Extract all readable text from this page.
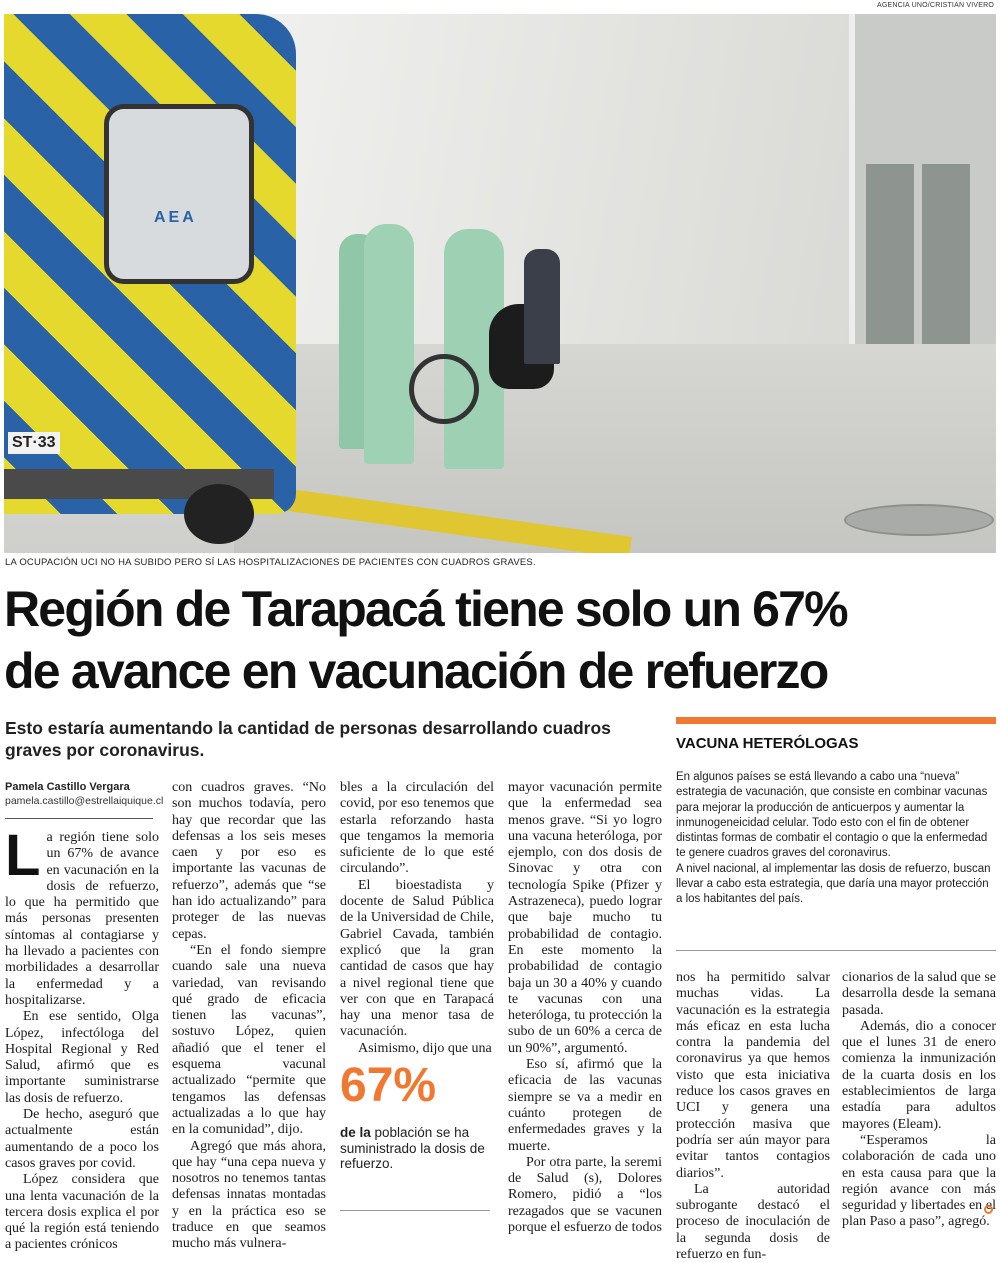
AGENCIA UNO/CRISTIAN VIVERO
AEA
ST·33
LA OCUPACIÓN UCI NO HA SUBIDO PERO SÍ LAS HOSPITALIZACIONES DE PACIENTES CON CUADROS GRAVES.
Región de Tarapacá tiene solo un 67%
de avance en vacunación de refuerzo
Esto estaría aumentando la cantidad de personas desarrollando cuadros graves por coronavirus.
Pamela Castillo Vergara
pamela.castillo@estrellaiquique.cl

La región tiene solo un 67% de avance en vacunación en la dosis de refuerzo, lo que ha permitido que más personas presenten síntomas al contagiarse y ha llevado a pacientes con morbilidades a desarrollar la enfermedad y a hospitalizarse.

En ese sentido, Olga López, infectóloga del Hospital Regional y Red Salud, afirmó que es importante suministrarse las dosis de refuerzo.

De hecho, aseguró que actualmente están aumentando de a poco los casos graves por covid.

López considera que una lenta vacunación de la tercera dosis explica el por qué la región está teniendo a pacientes crónicos

con cuadros graves. “No son muchos todavía, pero hay que recordar que las defensas a los seis meses caen y por eso es importante las vacunas de refuerzo”, además que “se han ido actualizando” para proteger de las nuevas cepas.

“En el fondo siempre cuando sale una nueva variedad, van revisando qué grado de eficacia tienen las vacunas”, sostuvo López, quien añadió que el tener el esquema vacunal actualizado “permite que tengamos las defensas actualizadas a lo que hay en la comunidad”, dijo.

Agregó que más ahora, que hay “una cepa nueva y nosotros no tenemos tantas defensas innatas montadas y en la práctica eso se traduce en que seamos mucho más vulnera-

bles a la circulación del covid, por eso tenemos que estarla reforzando hasta que tengamos la memoria suficiente de lo que esté circulando”.

El bioestadista y docente de Salud Pública de la Universidad de Chile, Gabriel Cavada, también explicó que la gran cantidad de casos que hay a nivel regional tiene que ver con que en Tarapacá hay una menor tasa de vacunación.

Asimismo, dijo que una

67%
de la población se ha suministrado la dosis de refuerzo.

mayor vacunación permite que la enfermedad sea menos grave. “Si yo logro una vacuna heteróloga, por ejemplo, con dos dosis de Sinovac y otra con tecnología Spike (Pfizer y Astrazeneca), puedo lograr que baje mucho tu probabilidad de contagio. En este momento la probabilidad de contagio baja un 30 a 40% y cuando te vacunas con una heteróloga, tu protección la subo de un 60% a cerca de un 90%”, argumentó.

Eso sí, afirmó que la eficacia de las vacunas siempre se va a medir en cuánto protegen de enfermedades graves y la muerte.

Por otra parte, la seremi de Salud (s), Dolores Romero, pidió a “los rezagados que se vacunen porque el esfuerzo de todos

VACUNA HETERÓLOGAS

En algunos países se está llevando a cabo una “nueva” estrategia de vacunación, que consiste en combinar vacunas para mejorar la producción de anticuerpos y aumentar la inmunogeneicidad celular. Todo esto con el fin de obtener distintas formas de combatir el contagio o que la enfermedad te genere cuadros graves del coronavirus.

A nivel nacional, al implementar las dosis de refuerzo, buscan llevar a cabo esta estrategia, que daría una mayor protección a los habitantes del país.

nos ha permitido salvar muchas vidas. La vacunación es la estrategia más eficaz en esta lucha contra la pandemia del coronavirus ya que hemos visto que esta iniciativa reduce los casos graves en UCI y genera una protección masiva que podría ser aún mayor para evitar tantos contagios diarios”.

La autoridad subrogante destacó el proceso de inoculación de la segunda dosis de refuerzo en fun-

cionarios de la salud que se desarrolla desde la semana pasada.

Además, dio a conocer que el lunes 31 de enero comienza la inmunización de la cuarta dosis en los establecimientos de larga estadía para adultos mayores (Eleam).

“Esperamos la colaboración de cada uno en esta causa para que la región avance con más seguridad y libertades en el plan Paso a paso”, agregó.
